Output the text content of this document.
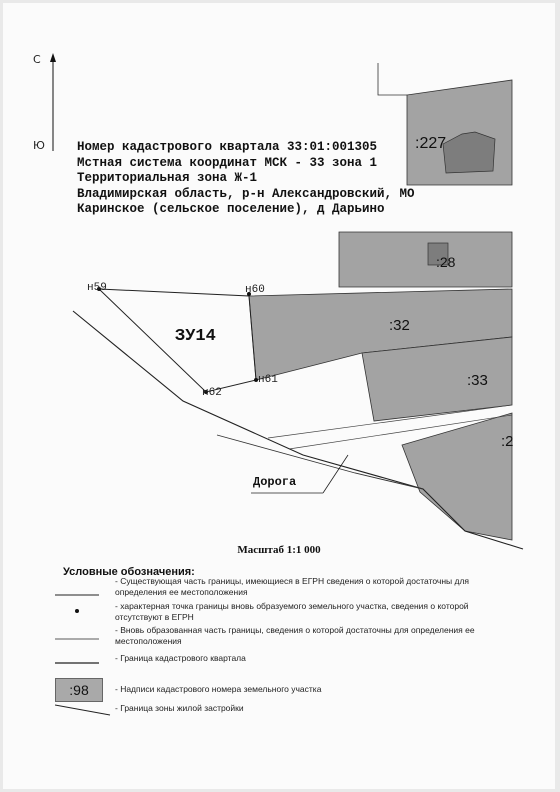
:227
:28
:32
:33
:2
ЗУ14
н59	н60
н61
н62
Дорога
С
Ю	Номер кадастрового квартала 33:01:001305
Мстная система координат МСК - 33 зона 1
Территориальная зона Ж-1
Владимирская область, р-н Александровский, МО
Каринское (сельское поселение), д Дарьино
Масштаб 1:1 000
Условные обозначения:
- Существующая часть границы, имеющиеся в ЕГРН сведения о которой достаточны для определения ее местоположения
- характерная точка границы вновь образуемого земельного участка, сведения о которой отсутствуют в ЕГРН
- Вновь образованная часть границы, сведения о которой достаточны для определения ее местоположения
- Граница кадастрового квартала
:98	- Надписи кадастрового номера земельного участка
- Граница зоны жилой застройки
